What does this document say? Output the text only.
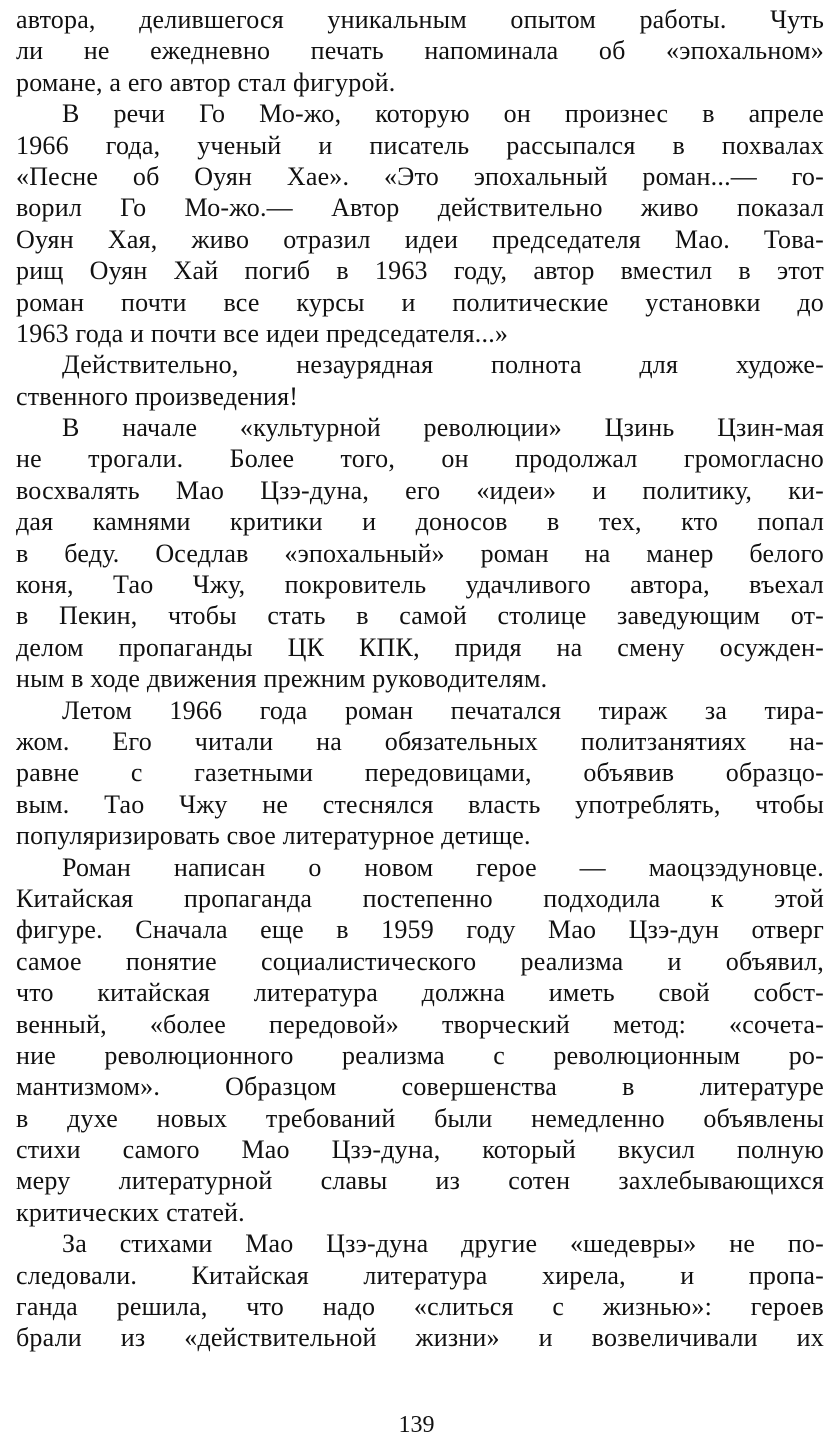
автора, делившегося уникальным опытом работы. Чуть
ли не ежедневно печать напоминала об «эпохальном»
романе, а его автор стал фигурой.
В речи Го Мо-жо, которую он произнес в апреле
1966 года, ученый и писатель рассыпался в похвалах
«Песне об Оуян Хае». «Это эпохальный роман...— го-
ворил Го Мо-жо.— Автор действительно живо показал
Оуян Хая, живо отразил идеи председателя Мао. Това-
рищ Оуян Хай погиб в 1963 году, автор вместил в этот
роман почти все курсы и политические установки до
1963 года и почти все идеи председателя...»
Действительно, незаурядная полнота для художе-
ственного произведения!
В начале «культурной революции» Цзинь Цзин-мая
не трогали. Более того, он продолжал громогласно
восхвалять Мао Цзэ-дуна, его «идеи» и политику, ки-
дая камнями критики и доносов в тех, кто попал
в беду. Оседлав «эпохальный» роман на манер белого
коня, Тао Чжу, покровитель удачливого автора, въехал
в Пекин, чтобы стать в самой столице заведующим от-
делом пропаганды ЦК КПК, придя на смену осужден-
ным в ходе движения прежним руководителям.
Летом 1966 года роман печатался тираж за тира-
жом. Его читали на обязательных политзанятиях на-
равне с газетными передовицами, объявив образцо-
вым. Тао Чжу не стеснялся власть употреблять, чтобы
популяризировать свое литературное детище.
Роман написан о новом герое — маоцзэдуновце.
Китайская пропаганда постепенно подходила к этой
фигуре. Сначала еще в 1959 году Мао Цзэ-дун отверг
самое понятие социалистического реализма и объявил,
что китайская литература должна иметь свой собст-
венный, «более передовой» творческий метод: «сочета-
ние революционного реализма с революционным ро-
мантизмом». Образцом совершенства в литературе
в духе новых требований были немедленно объявлены
стихи самого Мао Цзэ-дуна, который вкусил полную
меру литературной славы из сотен захлебывающихся
критических статей.
За стихами Мао Цзэ-дуна другие «шедевры» не по-
следовали. Китайская литература хирела, и пропа-
ганда решила, что надо «слиться с жизнью»: героев
брали из «действительной жизни» и возвеличивали их
139
